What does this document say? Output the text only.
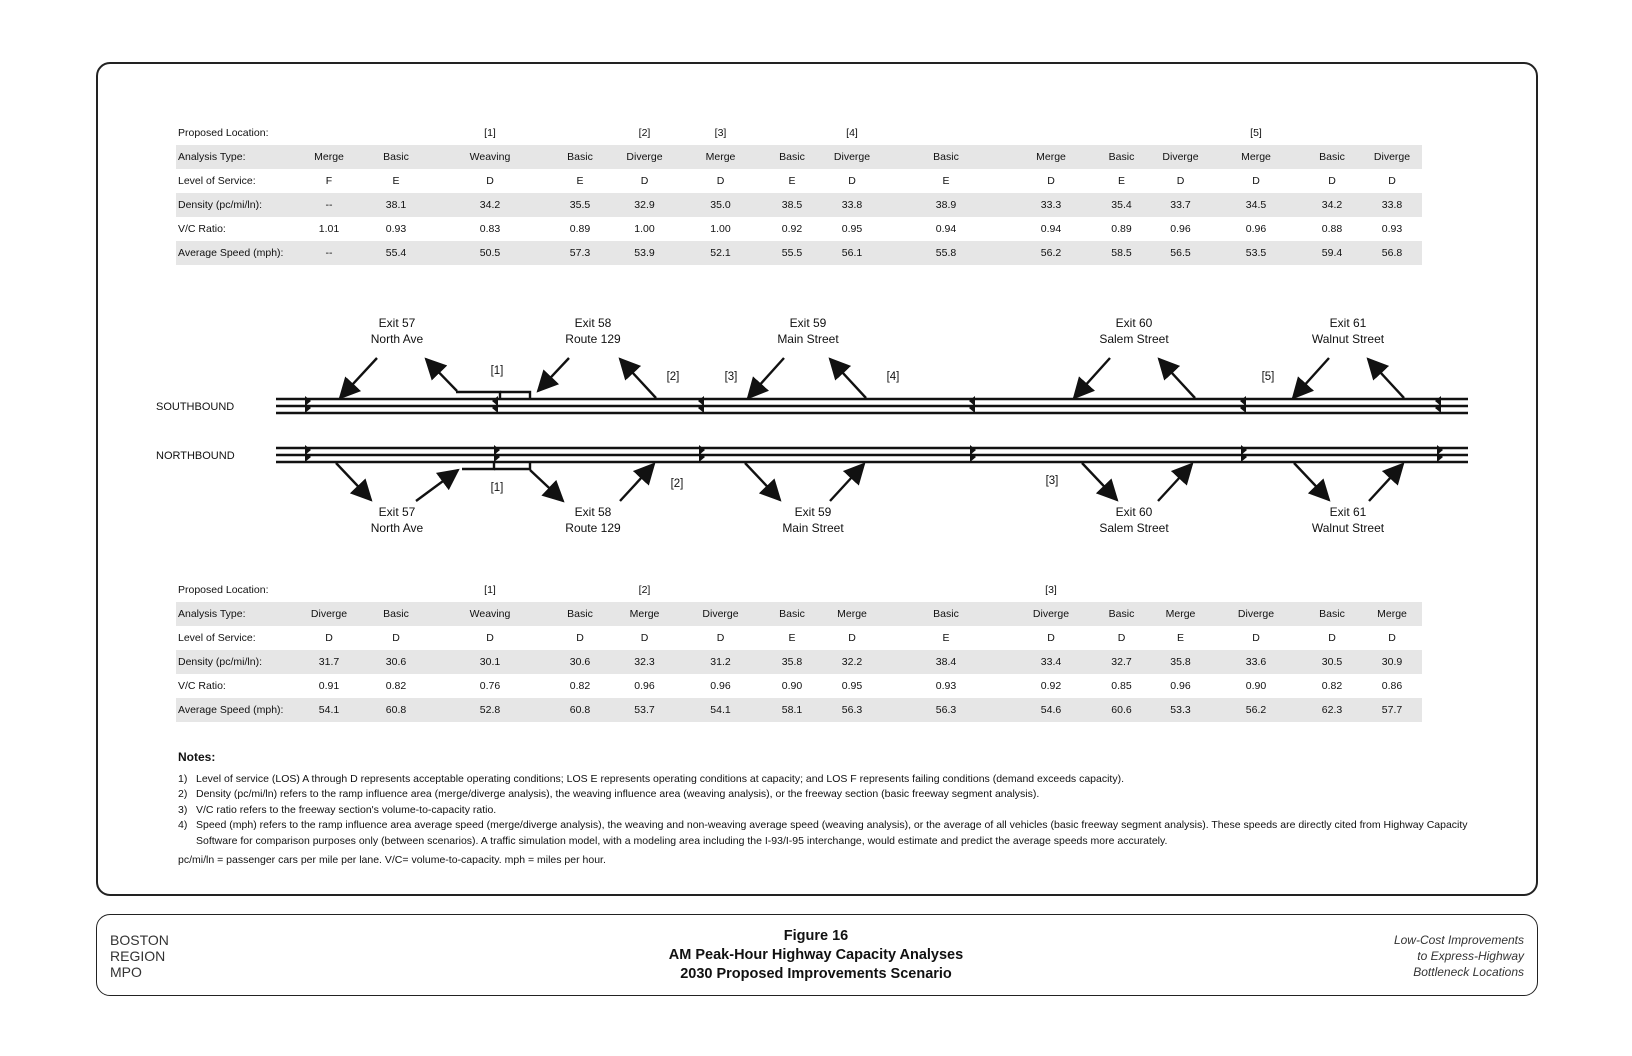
Proposed Location:			[1]		[2]	[3]		[4]					[5]		
Analysis Type:	Merge	Basic	Weaving	Basic	Diverge	Merge	Basic	Diverge	Basic	Merge	Basic	Diverge	Merge	Basic	Diverge
Level of Service:	F	E	D	E	D	D	E	D	E	D	E	D	D	D	D
Density (pc/mi/ln):	--	38.1	34.2	35.5	32.9	35.0	38.5	33.8	38.9	33.3	35.4	33.7	34.5	34.2	33.8
V/C Ratio:	1.01	0.93	0.83	0.89	1.00	1.00	0.92	0.95	0.94	0.94	0.89	0.96	0.96	0.88	0.93
Average Speed (mph):	--	55.4	50.5	57.3	53.9	52.1	55.5	56.1	55.8	56.2	58.5	56.5	53.5	59.4	56.8
Proposed Location:			[1]		[2]					[3]					
Analysis Type:	Diverge	Basic	Weaving	Basic	Merge	Diverge	Basic	Merge	Basic	Diverge	Basic	Merge	Diverge	Basic	Merge
Level of Service:	D	D	D	D	D	D	E	D	E	D	D	E	D	D	D
Density (pc/mi/ln):	31.7	30.6	30.1	30.6	32.3	31.2	35.8	32.2	38.4	33.4	32.7	35.8	33.6	30.5	30.9
V/C Ratio:	0.91	0.82	0.76	0.82	0.96	0.96	0.90	0.95	0.93	0.92	0.85	0.96	0.90	0.82	0.86
Average Speed (mph):	54.1	60.8	52.8	60.8	53.7	54.1	58.1	56.3	56.3	54.6	60.6	53.3	56.2	62.3	57.7
SOUTHBOUND
NORTHBOUND
Exit 57
North Ave
Exit 58
Route 129
Exit 59
Main Street
Exit 60
Salem Street
Exit 61
Walnut Street
Exit 57
North Ave
Exit 58
Route 129
Exit 59
Main Street
Exit 60
Salem Street
Exit 61
Walnut Street
[1]	[2]	[3]	[4]	[5]
[1]	[2]	[3]
Notes:
1) Level of service (LOS) A through D represents acceptable operating conditions; LOS E represents operating conditions at capacity; and LOS F represents failing conditions (demand exceeds capacity).
2) Density (pc/mi/ln) refers to the ramp influence area (merge/diverge analysis), the weaving influence area (weaving analysis), or the freeway section (basic freeway segment analysis).
3) V/C ratio refers to the freeway section's volume-to-capacity ratio.
4) Speed (mph) refers to the ramp influence area average speed (merge/diverge analysis), the weaving and non-weaving average speed (weaving analysis), or the average of all vehicles (basic freeway segment analysis). These speeds are directly cited from Highway Capacity Software for comparison purposes only (between scenarios). A traffic simulation model, with a modeling area including the I-93/I-95 interchange, would estimate and predict the average speeds more accurately.
pc/mi/ln = passenger cars per mile per lane. V/C= volume-to-capacity. mph = miles per hour.
BOSTON
REGION
MPO
Figure 16
AM Peak-Hour Highway Capacity Analyses
2030 Proposed Improvements Scenario
Low-Cost Improvements
to Express-Highway
Bottleneck Locations
